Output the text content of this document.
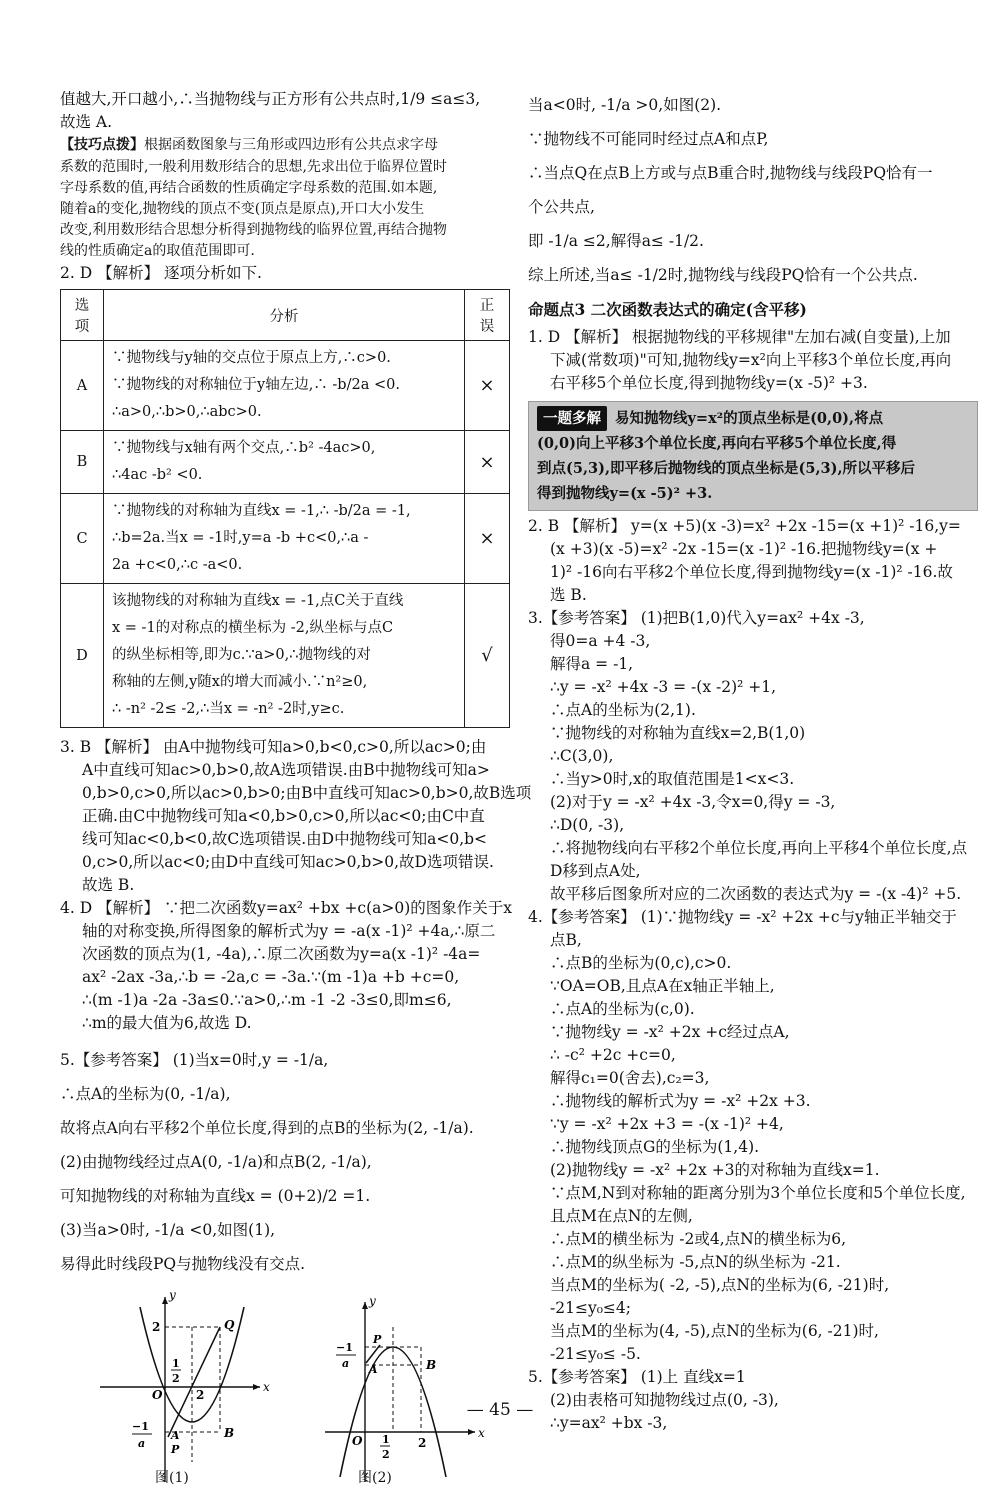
值越大,开口越小,∴当抛物线与正方形有公共点时,1/9 ≤a≤3,

故选 A.

【技巧点拨】根据函数图象与三角形或四边形有公共点求字母

系数的范围时,一般利用数形结合的思想,先求出位于临界位置时

字母系数的值,再结合函数的性质确定字母系数的范围.如本题,

随着a的变化,抛物线的顶点不变(顶点是原点),开口大小发生

改变,利用数形结合思想分析得到抛物线的临界位置,再结合抛物

线的性质确定a的取值范围即可.

2. D 【解析】 逐项分析如下.

选项	分析	正误
A	∵抛物线与y轴的交点位于原点上方,∴c>0.

∵抛物线的对称轴位于y轴左边,∴ -b/2a <0.

∴a>0,∴b>0,∴abc>0.	×
B	∵抛物线与x轴有两个交点,∴b² -4ac>0,

∴4ac -b² <0.	×
C	∵抛物线的对称轴为直线x = -1,∴ -b/2a = -1,

∴b=2a.当x = -1时,y=a -b +c<0,∴a -

2a +c<0,∴c -a<0.	×
D	该抛物线的对称轴为直线x = -1,点C关于直线

x = -1的对称点的横坐标为 -2,纵坐标与点C

的纵坐标相等,即为c.∵a>0,∴抛物线的对

称轴的左侧,y随x的增大而减小.∵n²≥0,

∴ -n² -2≤ -2,∴当x = -n² -2时,y≥c.	√

3. B 【解析】 由A中抛物线可知a>0,b<0,c>0,所以ac>0;由

A中直线可知ac>0,b>0,故A选项错误.由B中抛物线可知a>

0,b>0,c>0,所以ac>0,b>0;由B中直线可知ac>0,b>0,故B选项

正确.由C中抛物线可知a<0,b>0,c>0,所以ac<0;由C中直

线可知ac<0,b<0,故C选项错误.由D中抛物线可知a<0,b<

0,c>0,所以ac<0;由D中直线可知ac>0,b>0,故D选项错误.

故选 B.

4. D 【解析】 ∵把二次函数y=ax² +bx +c(a>0)的图象作关于x

轴的对称变换,所得图象的解析式为y = -a(x -1)² +4a,∴原二

次函数的顶点为(1, -4a),∴原二次函数为y=a(x -1)² -4a=

ax² -2ax -3a,∴b = -2a,c = -3a.∵(m -1)a +b +c=0,

∴(m -1)a -2a -3a≤0.∵a>0,∴m -1 -2 -3≤0,即m≤6,

∴m的最大值为6,故选 D.

5.【参考答案】 (1)当x=0时,y = -1/a,

∴点A的坐标为(0, -1/a),

故将点A向右平移2个单位长度,得到的点B的坐标为(2, -1/a).

(2)由抛物线经过点A(0, -1/a)和点B(2, -1/a),

可知抛物线的对称轴为直线x = (0+2)/2 =1.

(3)当a>0时, -1/a <0,如图(1),

易得此时线段PQ与抛物线没有交点.

y
x
O
2	Q
B
A
P
2
1
2
−1
a
y
x
O
P
A	B
−1
a
1
2
2
图(1)	图(2)

当a<0时, -1/a >0,如图(2).

∵抛物线不可能同时经过点A和点P,

∴当点Q在点B上方或与点B重合时,抛物线与线段PQ恰有一

个公共点,

即 -1/a ≤2,解得a≤ -1/2.

综上所述,当a≤ -1/2时,抛物线与线段PQ恰有一个公共点.

命题点3 二次函数表达式的确定(含平移)

1. D 【解析】 根据抛物线的平移规律"左加右减(自变量),上加

下减(常数项)"可知,抛物线y=x²向上平移3个单位长度,再向

右平移5个单位长度,得到抛物线y=(x -5)² +3.

一题多解 易知抛物线y=x²的顶点坐标是(0,0),将点
(0,0)向上平移3个单位长度,再向右平移5个单位长度,得
到点(5,3),即平移后抛物线的顶点坐标是(5,3),所以平移后
得到抛物线y=(x -5)² +3.

2. B 【解析】 y=(x +5)(x -3)=x² +2x -15=(x +1)² -16,y=

(x +3)(x -5)=x² -2x -15=(x -1)² -16.把抛物线y=(x +

1)² -16向右平移2个单位长度,得到抛物线y=(x -1)² -16.故

选 B.

3.【参考答案】 (1)把B(1,0)代入y=ax² +4x -3,

得0=a +4 -3,

解得a = -1,

∴y = -x² +4x -3 = -(x -2)² +1,

∴点A的坐标为(2,1).

∵抛物线的对称轴为直线x=2,B(1,0)

∴C(3,0),

∴当y>0时,x的取值范围是1<x<3.

(2)对于y = -x² +4x -3,令x=0,得y = -3,

∴D(0, -3),

∴将抛物线向右平移2个单位长度,再向上平移4个单位长度,点

D移到点A处,

故平移后图象所对应的二次函数的表达式为y = -(x -4)² +5.

4.【参考答案】 (1)∵抛物线y = -x² +2x +c与y轴正半轴交于

点B,

∴点B的坐标为(0,c),c>0.

∵OA=OB,且点A在x轴正半轴上,

∴点A的坐标为(c,0).

∵抛物线y = -x² +2x +c经过点A,

∴ -c² +2c +c=0,

解得c₁=0(舍去),c₂=3,

∴抛物线的解析式为y = -x² +2x +3.

∵y = -x² +2x +3 = -(x -1)² +4,

∴抛物线顶点G的坐标为(1,4).

(2)抛物线y = -x² +2x +3的对称轴为直线x=1.

∵点M,N到对称轴的距离分别为3个单位长度和5个单位长度,

且点M在点N的左侧,

∴点M的横坐标为 -2或4,点N的横坐标为6,

∴点M的纵坐标为 -5,点N的纵坐标为 -21.

当点M的坐标为( -2, -5),点N的坐标为(6, -21)时,

-21≤y₀≤4;

当点M的坐标为(4, -5),点N的坐标为(6, -21)时,

-21≤y₀≤ -5.

5.【参考答案】 (1)上 直线x=1

(2)由表格可知抛物线过点(0, -3),

∴y=ax² +bx -3,

— 45 —
